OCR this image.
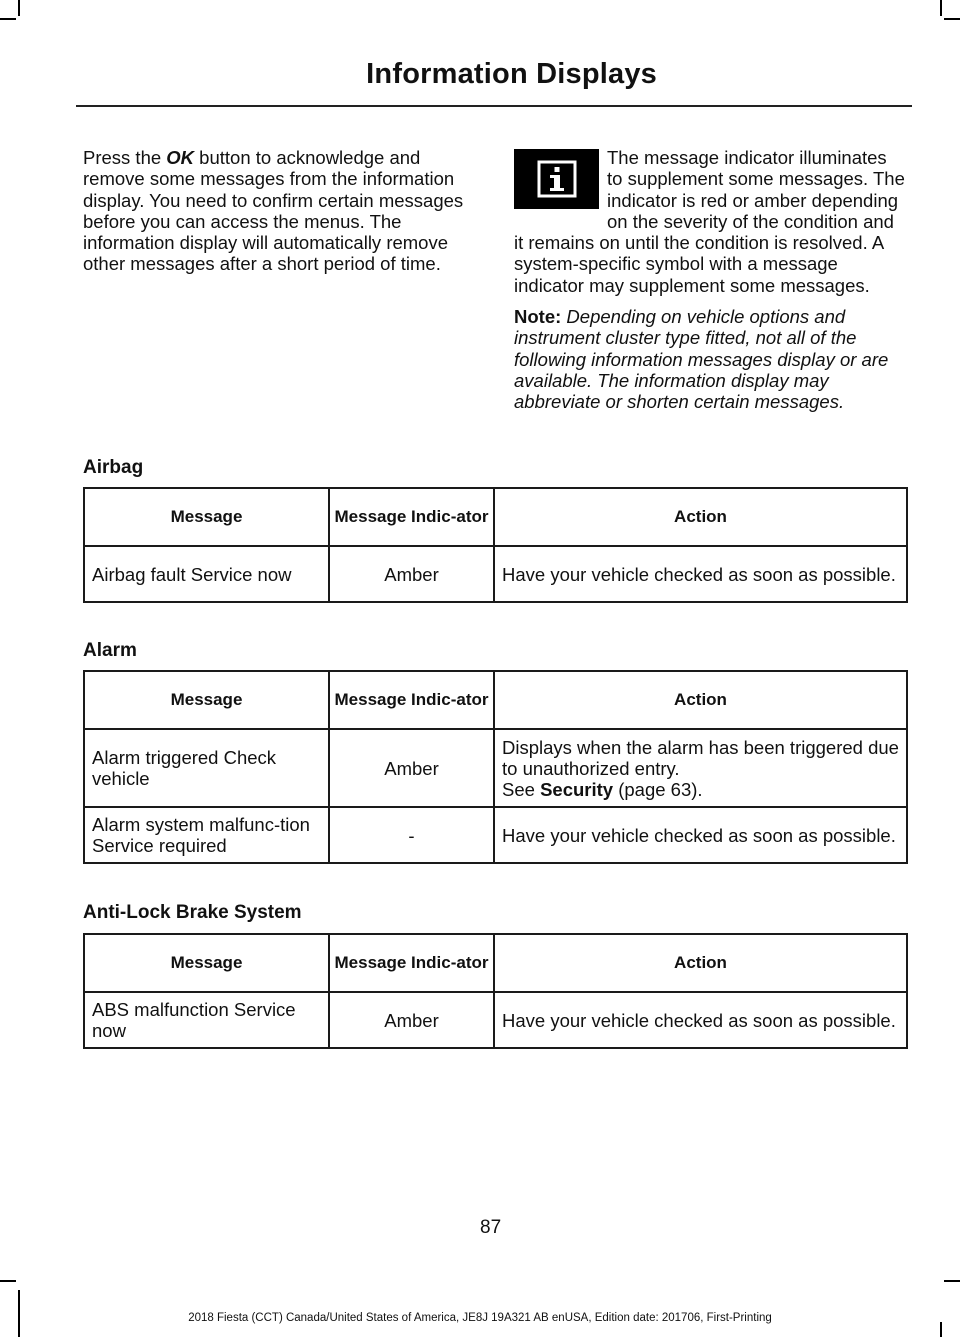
Information Displays

Press the OK button to acknowledge and remove some messages from the information display. You need to confirm certain messages before you can access the menus. The information display will automatically remove other messages after a short period of time.

The message indicator illuminates to supplement some messages. The indicator is red or amber depending on the severity of the condition and it remains on until the condition is resolved. A system-specific symbol with a message indicator may supplement some messages.

Note: Depending on vehicle options and instrument cluster type fitted, not all of the following information messages display or are available. The information display may abbreviate or shorten certain messages.

Airbag
Message	Message Indic-ator	Action
Airbag fault Service now	Amber	Have your vehicle checked as soon as possible.
Alarm
Message	Message Indic-ator	Action
Alarm triggered Check vehicle	Amber	Displays when the alarm has been triggered due to unauthorized entry.
See Security (page 63).
Alarm system malfunc-tion Service required	-	Have your vehicle checked as soon as possible.
Anti-Lock Brake System
Message	Message Indic-ator	Action
ABS malfunction Service now	Amber	Have your vehicle checked as soon as possible.
87
2018 Fiesta (CCT) Canada/United States of America, JE8J 19A321 AB enUSA, Edition date: 201706, First-Printing
